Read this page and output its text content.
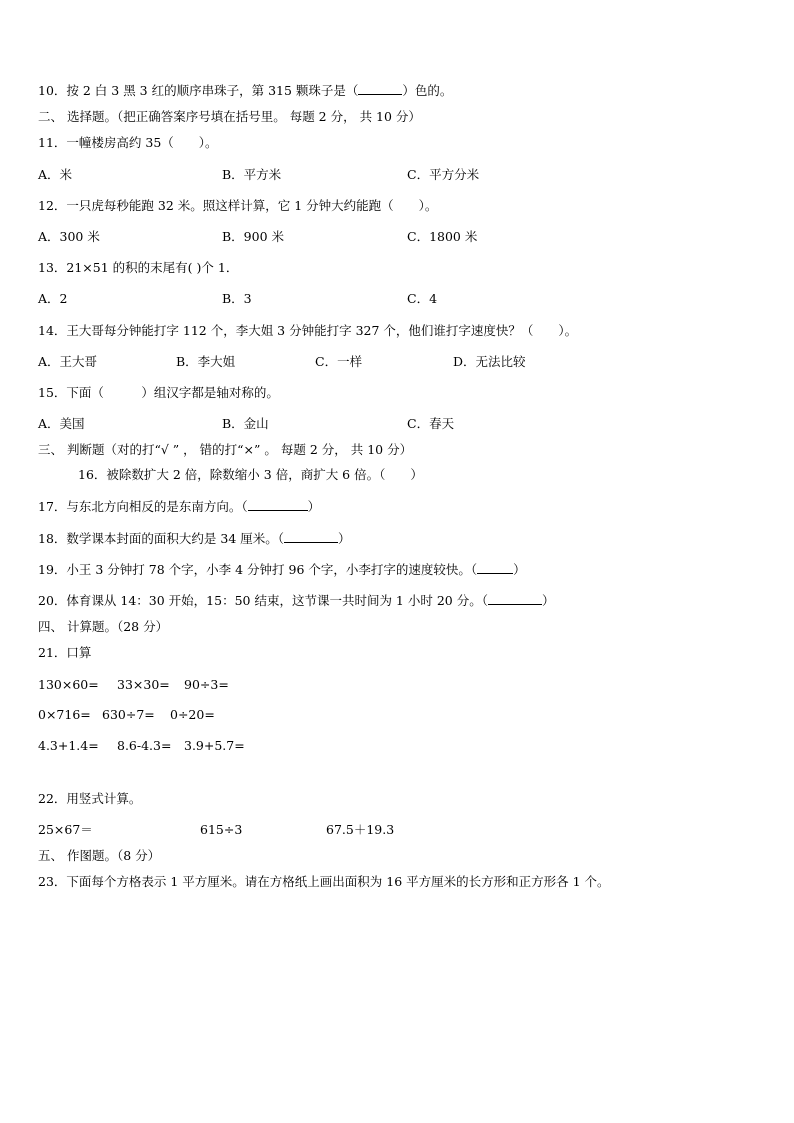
10．按 2 白 3 黑 3 红的顺序串珠子，第 315 颗珠子是（	）色的。
二、 选择题。（把正确答案序号填在括号里。 每题 2 分， 共 10 分）
11．一幢楼房高约 35（　　）。
A．米	B．平方米	C．平方分米
12．一只虎每秒能跑 32 米。照这样计算，它 1 分钟大约能跑（　　）。
A．300 米	B．900 米	C．1800 米
13．21×51 的积的末尾有( )个 1．
A．2	B．3	C．4
14．王大哥每分钟能打字 112 个，李大姐 3 分钟能打字 327 个，他们谁打字速度快？（　　）。
A．王大哥	B．李大姐	C．一样	D．无法比较
15．下面（　　　）组汉字都是轴对称的。
A．美国	B．金山	C．春天
三、 判断题（对的打“√ ” ， 错的打“×” 。 每题 2 分， 共 10 分）
16．被除数扩大 2 倍，除数缩小 3 倍，商扩大 6 倍。（　　）
17．与东北方向相反的是东南方向。（	）
18．数学课本封面的面积大约是 34 厘米。（	）
19．小王 3 分钟打 78 个字，小李 4 分钟打 96 个字，小李打字的速度较快。（	）
20．体育课从 14：30 开始，15：50 结束，这节课一共时间为 1 小时 20 分。（	）
四、 计算题。（28 分）
21．口算
130×60= 33×30= 90÷3=
0×716= 630÷7= 0÷20=
4.3+1.4= 8.6-4.3= 3.9+5.7=
22．用竖式计算。
25×67＝	615÷3	67.5＋19.3
五、 作图题。（8 分）
23．下面每个方格表示 1 平方厘米。请在方格纸上画出面积为 16 平方厘米的长方形和正方形各 1 个。
